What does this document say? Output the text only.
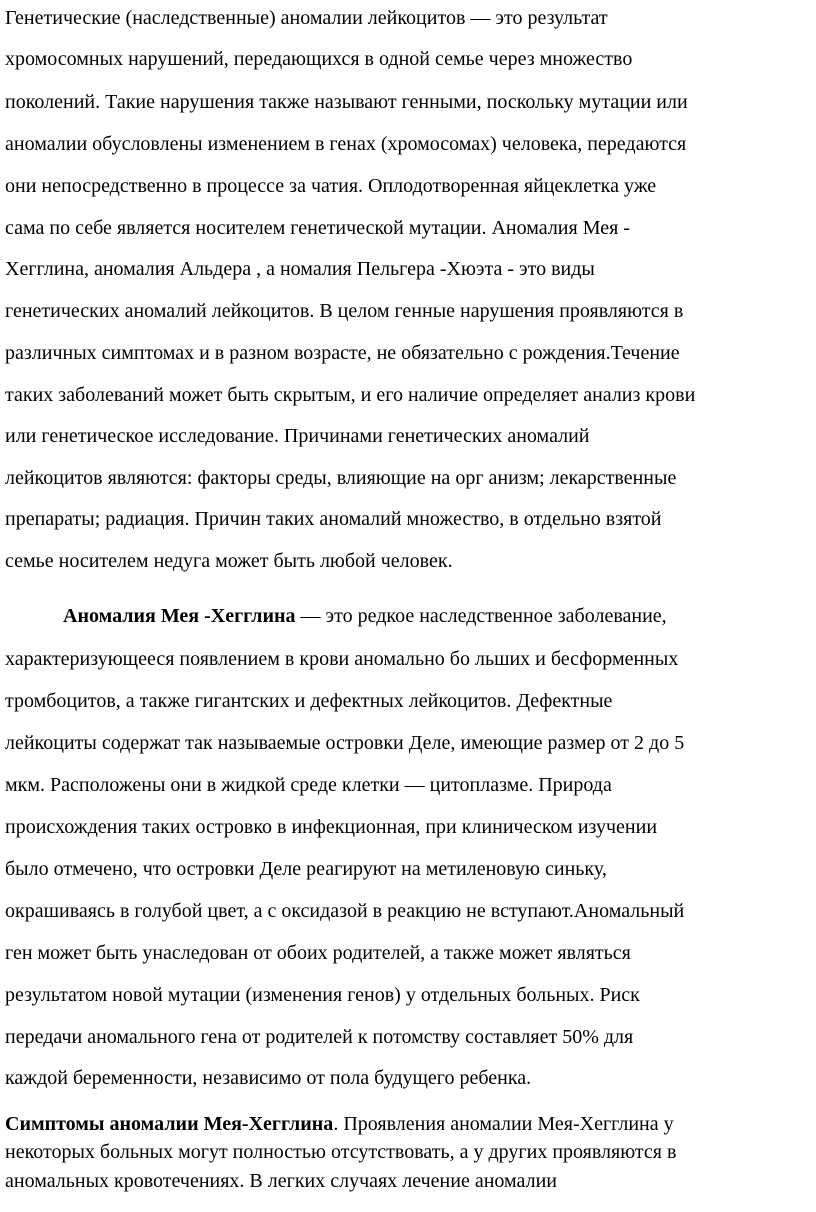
Генетические (наследственные) аномалии лейкоцитов — это результат
хромосомных нарушений, передающихся в одной семье через множество
поколений. Такие нарушения также называют генными, поскольку мутации или
аномалии обусловлены изменением в генах (хромосомах) человека, передаются
они непосредственно в процессе за чатия. Оплодотворенная яйцеклетка уже
сама по себе является носителем генетической мутации. Аномалия Мея -
Хегглина, аномалия Альдера , а номалия Пельгера -Хюэта - это виды
генетических аномалий лейкоцитов. В целом генные нарушения проявляются в
различных симптомах и в разном возрасте, не обязательно с рождения.Течение
таких заболеваний может быть скрытым, и его наличие определяет анализ крови
или генетическое исследование. Причинами генетических аномалий
лейкоцитов являются: факторы среды, влияющие на орг анизм; лекарственные
препараты; радиация. Причин таких аномалий множество, в отдельно взятой
семье носителем недуга может быть любой человек.
Аномалия Мея -Хегглина — это редкое наследственное заболевание,
характеризующееся появлением в крови аномально бо льших и бесформенных
тромбоцитов, а также гигантских и дефектных лейкоцитов. Дефектные
лейкоциты содержат так называемые островки Деле, имеющие размер от 2 до 5
мкм. Расположены они в жидкой среде клетки — цитоплазме. Природа
происхождения таких островко в инфекционная, при клиническом изучении
было отмечено, что островки Деле реагируют на метиленовую синьку,
окрашиваясь в голубой цвет, а с оксидазой в реакцию не вступают.Аномальный
ген может быть унаследован от обоих родителей, а также может являться
результатом новой мутации (изменения генов) у отдельных больных. Риск
передачи аномального гена от родителей к потомству составляет 50% для
каждой беременности, независимо от пола будущего ребенка.
Симптомы аномалии Мея-Хегглина. Проявления аномалии Мея-Хегглина у
некоторых больных могут полностью отсутствовать, а у других проявляются в
аномальных кровотечениях. В легких случаях лечение аномалии
